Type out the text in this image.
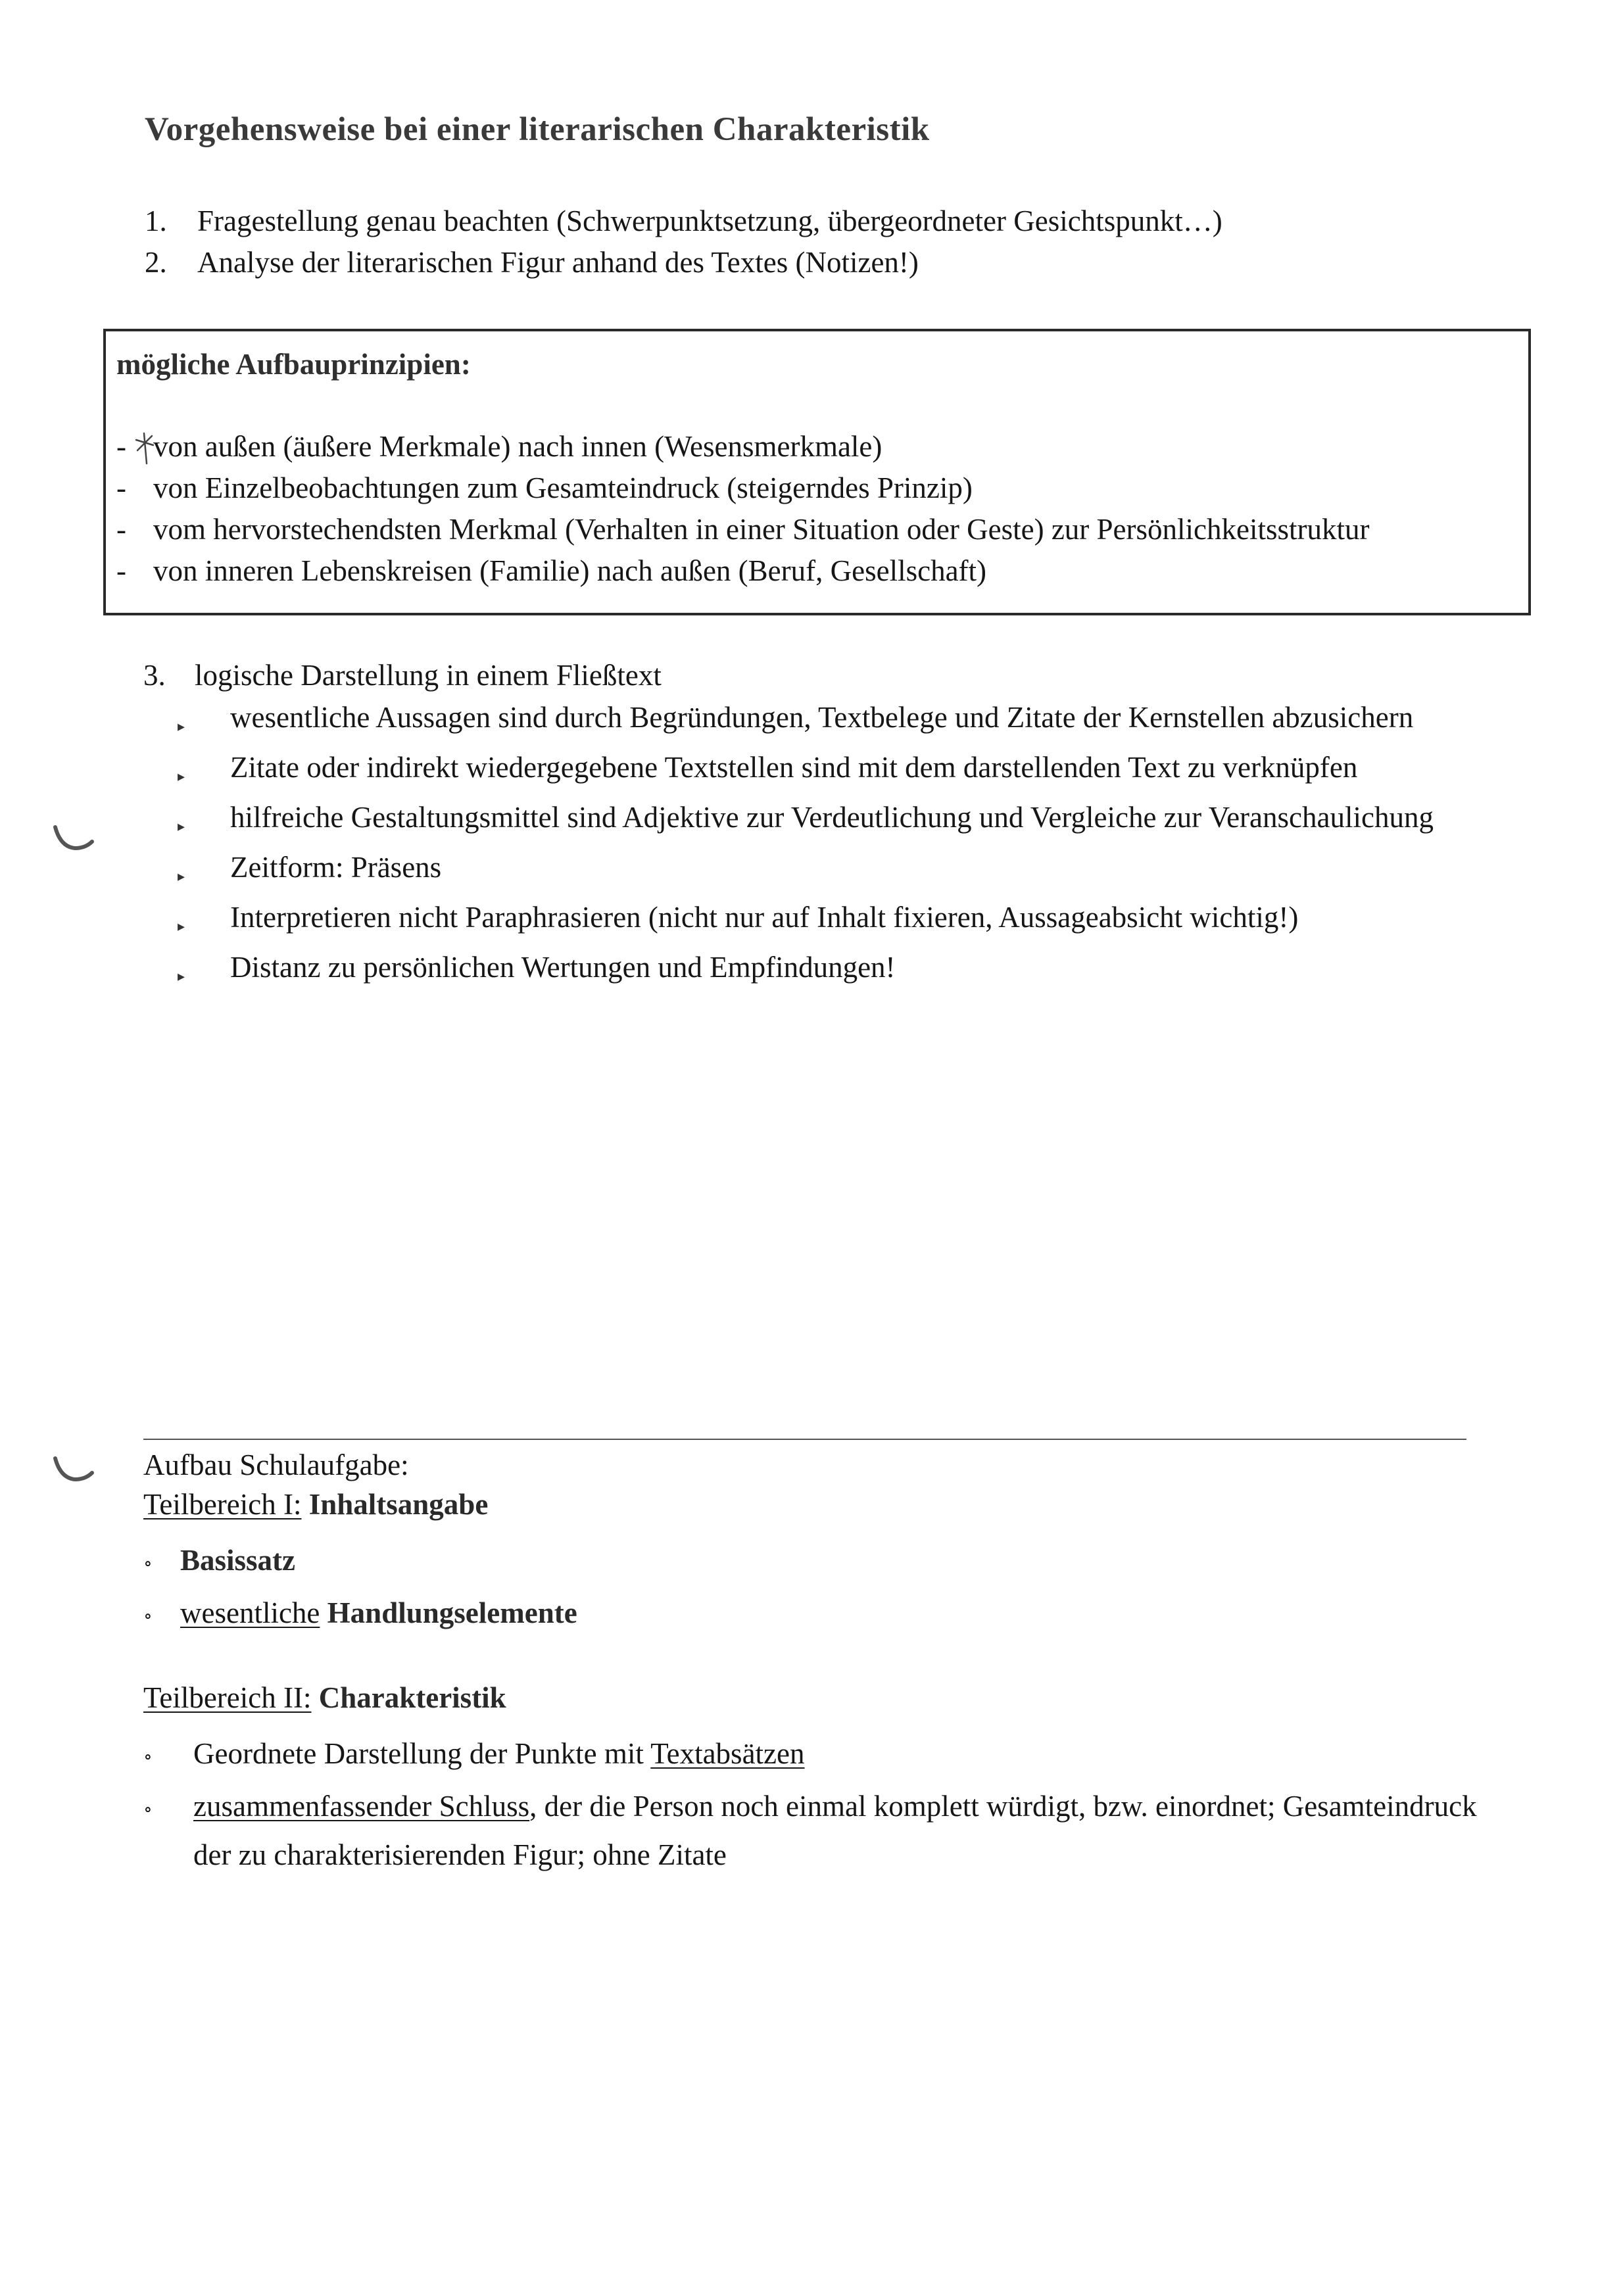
Vorgehensweise bei einer literarischen Charakteristik
1.	Fragestellung genau beachten (Schwerpunktsetzung, übergeordneter Gesichtspunkt…)
2.	Analyse der literarischen Figur anhand des Textes (Notizen!)
mögliche Aufbauprinzipien:
- von außen (äußere Merkmale) nach innen (Wesensmerkmale)
- von Einzelbeobachtungen zum Gesamteindruck (steigerndes Prinzip)
- vom hervorstechendsten Merkmal (Verhalten in einer Situation oder Geste) zur Persönlichkeitsstruktur
- von inneren Lebenskreisen (Familie) nach außen (Beruf, Gesellschaft)
3. logische Darstellung in einem Fließtext
▸	wesentliche Aussagen sind durch Begründungen, Textbelege und Zitate der Kernstellen abzusichern
▸	Zitate oder indirekt wiedergegebene Textstellen sind mit dem darstellenden Text zu verknüpfen
▸	hilfreiche Gestaltungsmittel sind Adjektive zur Verdeutlichung und Vergleiche zur Veranschaulichung
▸	Zeitform: Präsens
▸	Interpretieren nicht Paraphrasieren (nicht nur auf Inhalt fixieren, Aussageabsicht wichtig!)
▸	Distanz zu persönlichen Wertungen und Empfindungen!
Aufbau Schulaufgabe:
Teilbereich I: Inhaltsangabe
∘ Basissatz
∘ wesentliche Handlungselemente
Teilbereich II: Charakteristik
∘	Geordnete Darstellung der Punkte mit Textabsätzen
∘	zusammenfassender Schluss, der die Person noch einmal komplett würdigt, bzw. einordnet; Gesamteindruck der zu charakterisierenden Figur; ohne Zitate
